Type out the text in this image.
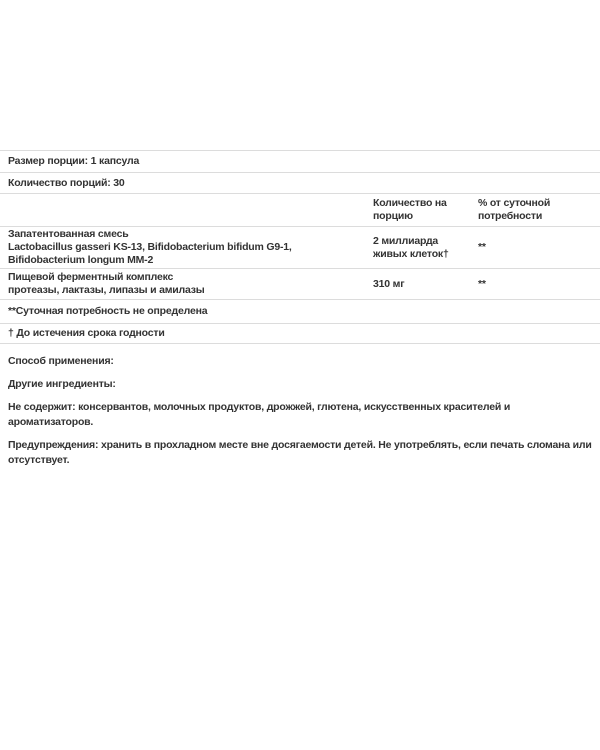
Размер порции: 1 капсула
Количество порций: 30
Количество на порцию
% от суточной потребности
Запатентованная смесь
Lactobacillus gasseri KS-13, Bifidobacterium bifidum G9-1, Bifidobacterium longum MM-2
2 миллиарда живых клеток†
**
Пищевой ферментный комплекс
протеазы, лактазы, липазы и амилазы
310 мг	**
**Суточная потребность не определена
† До истечения срока годности

Способ применения:

Другие ингредиенты:

Не содержит: консервантов, молочных продуктов, дрожжей, глютена, искусственных красителей и ароматизаторов.

Предупреждения: хранить в прохладном месте вне досягаемости детей. Не употреблять, если печать сломана или отсутствует.
